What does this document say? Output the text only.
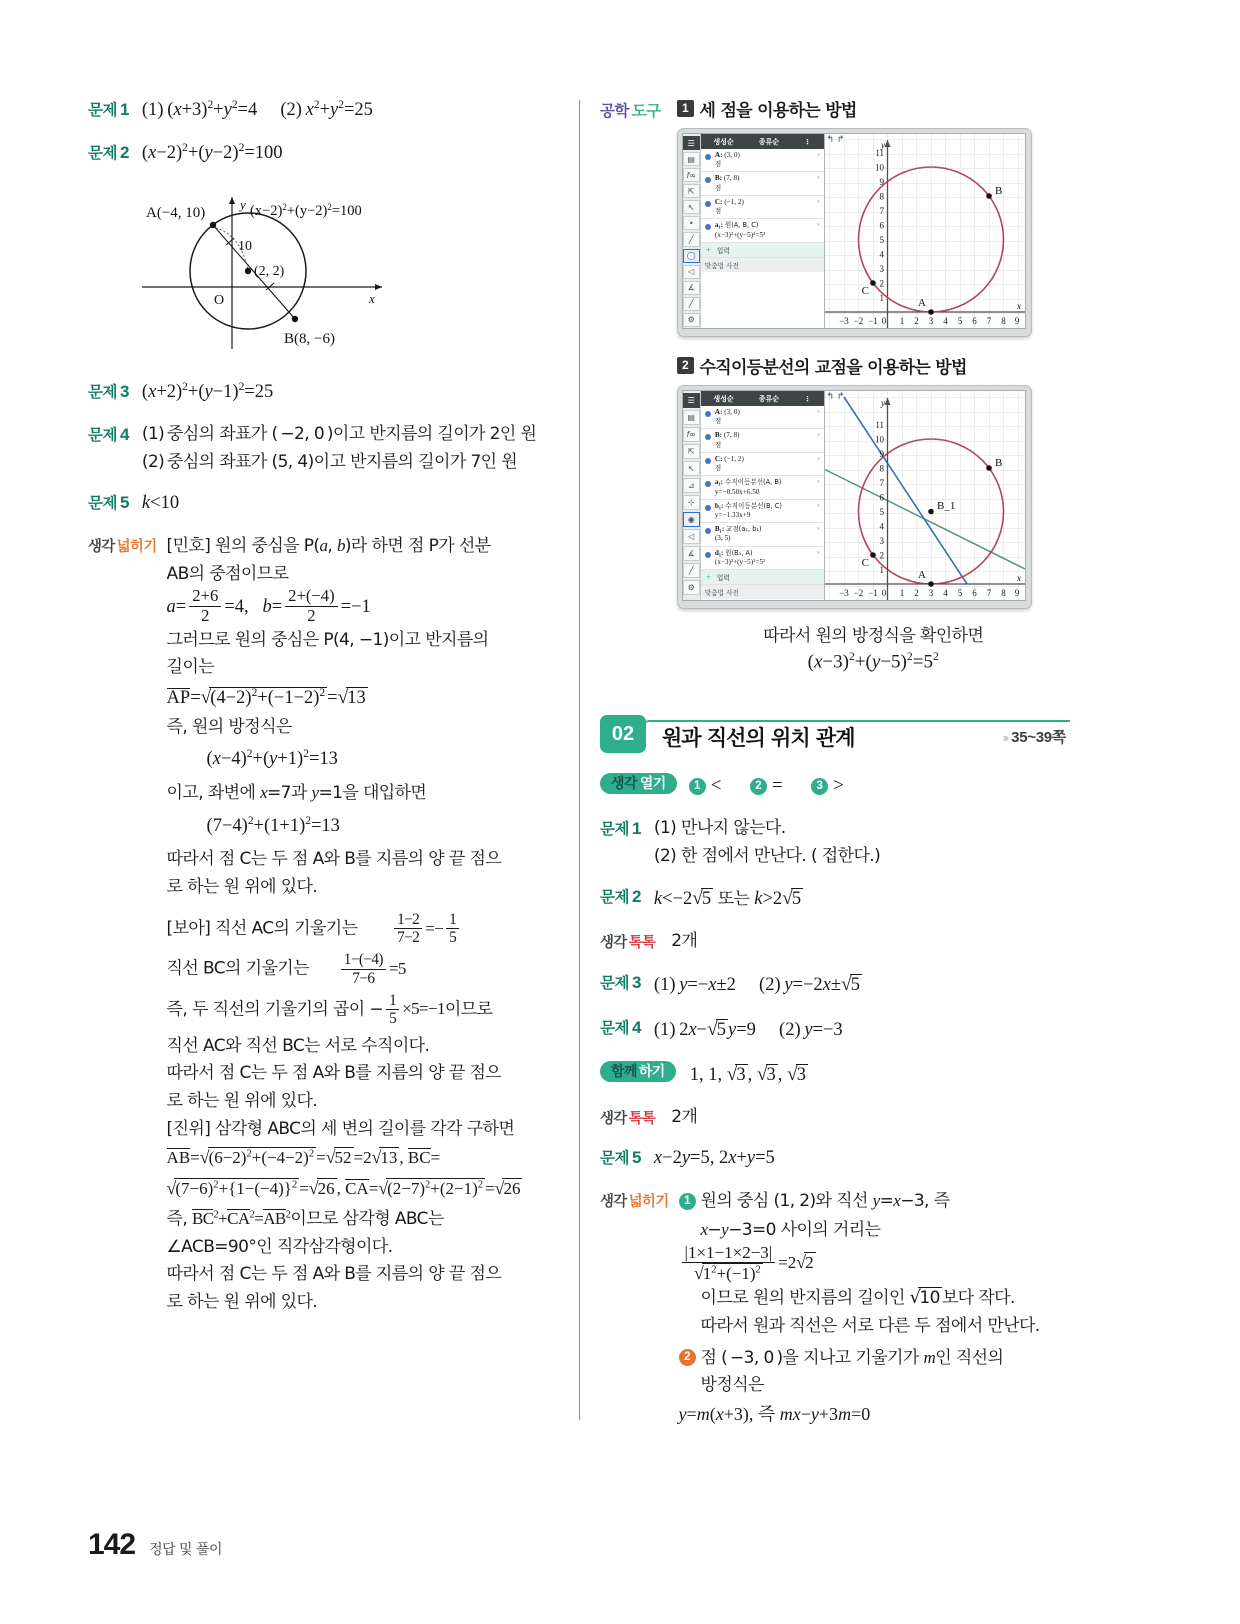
문제 1 (1) $(x+3)^2+y^2=4$     (2) $x^2+y^2=25$
문제 2 $(x-2)^2+(y-2)^2=100$
A(−4, 10)
y
x
$(x-2)^2+(y-2)^2=100$
10
(2, 2)
O
B(8, −6)
문제 3 $(x+2)^2+(y-1)^2=25$
문제 4 (1) 중심의 좌표가 ( −2, 0 )이고 반지름의 길이가 2인 원
(2) 중심의 좌표가 (5, 4)이고 반지름의 길이가 7인 원
문제 5 k<10
생각 넓히기 [민호] 원의 중심을 P(a, b)라 하면 점 P가 선분
AB의 중점이므로
$a= \frac{2+6}{2} =4$,   $b= \frac{2+(-4)}{2} =-1$
그러므로 원의 중심은 P(4, −1)이고 반지름의
길이는
$AP=√(4-2)^2+(-1-2)^2 =√13$
즉, 원의 방정식은
$(x-4)^2+(y+1)^2=13$
이고, 좌변에 x=7과 y=1을 대입하면
$(7-4)^2+(1+1)^2=13$
따라서 점 C는 두 점 A와 B를 지름의 양 끝 점으
로 하는 원 위에 있다.
[보아] 직선 AC의 기울기는 $\frac{1-2}{7-2} =- \frac{1}{5}$
직선 BC의 기울기는 $\frac{1-(-4)}{7-6} =5$
즉, 두 직선의 기울기의 곱이 − $\frac{1}{5} \times 5=-1$이므로
직선 AC와 직선 BC는 서로 수직이다.
따라서 점 C는 두 점 A와 B를 지름의 양 끝 점으
로 하는 원 위에 있다.
[진위] 삼각형 ABC의 세 변의 길이를 각각 구하면
$AB=√(6-2)^2+(-4-2)^2 =√52 =2√13$ , $BC=√(7-6)^2+\{1-(-4)\}^2 =√26$ , $CA=√(2-7)^2+(2-1)^2 =√26$
즉, $BC^2+CA^2=AB^2$이므로 삼각형 ABC는
∠ACB=90°인 직각삼각형이다.
따라서 점 C는 두 점 A와 B를 지름의 양 끝 점으
로 하는 원 위에 있다.
공학 도구	1 세 점을 이용하는 방법
☰
▤
f ∞
⇱
↖
•
╱
◯
◁
∡
╱
⚙
생성순	종류순	⋮
A: (3, 0)
점
×
B: (7, 8)
점
×
C: (−1, 2)
점
×
a₁: 원(A, B, C)
(x−3)²+(y−5)²=5²
×
+ 입력
맞춤법 사전
↰ ↱
1
2
3
4
5
6
7
8
9
10
11
−3 −2 −1 0 1 2 3 4 5 6 7 8 9
y
x
A
B
C
2 수직이등분선의 교점을 이용하는 방법
☰
▤
f ∞
⇱
↖
⊿
⊹
◉
◁
∡
╱
⚙
생성순	종류순	⋮
A: (3, 0)
점
×
B: (7, 8)
점
×
C: (−1, 2)
점
×
a₁: 수직이등분선(A, B)
y=−0.50x+6.50
×
b₁: 수직이등분선(B, C)
y=−1.33x+9
×
B₁: 교점(a₁, b₁)
(3, 5)
×
d₁: 원(B₁, A)
(x−3)²+(y−5)²=5²
×
+ 입력
맞춤법 사전
↰ ↱
1
2
3
4
5
6
7
8
9
10
11
−3 −2 −1 0 1 2 3 4 5 6 7 8 9
y
x
A
B
C
B_1
따라서 원의 방정식을 확인하면
$(x-3)^2+(y-5)^2=5^2$
02	원과 직선의 위치 관계	››› 35~39쪽
생각 열기	1 <	2 =	3 >
문제 1 (1) 만나지 않는다.
(2) 한 점에서 만난다. ( 접한다.)
문제 2 k<−2√5 또는 k>2√5
생각 톡톡 2개
문제 3 (1) y=−x±2     (2) y=−2x±√5
문제 4 (1) 2x−√5 y=9     (2) y=−3
함께 하기	1, 1, √3 , √3 , √3
생각 톡톡 2개
문제 5 x−2y=5, 2x+y=5
생각 넓히기	1 원의 중심 (1, 2)와 직선 y=x−3, 즉
x−y−3=0 사이의 거리는
$\frac{|1\times 1-1\times 2-3|}{√1^2+(-1)^2} =2√2$
이므로 원의 반지름의 길이인 √10 보다 작다.
따라서 원과 직선은 서로 다른 두 점에서 만난다.
2 점 ( −3, 0 )을 지나고 기울기가 m인 직선의
방정식은
y=m(x+3), 즉 mx−y+3m=0
142 정답 및 풀이
